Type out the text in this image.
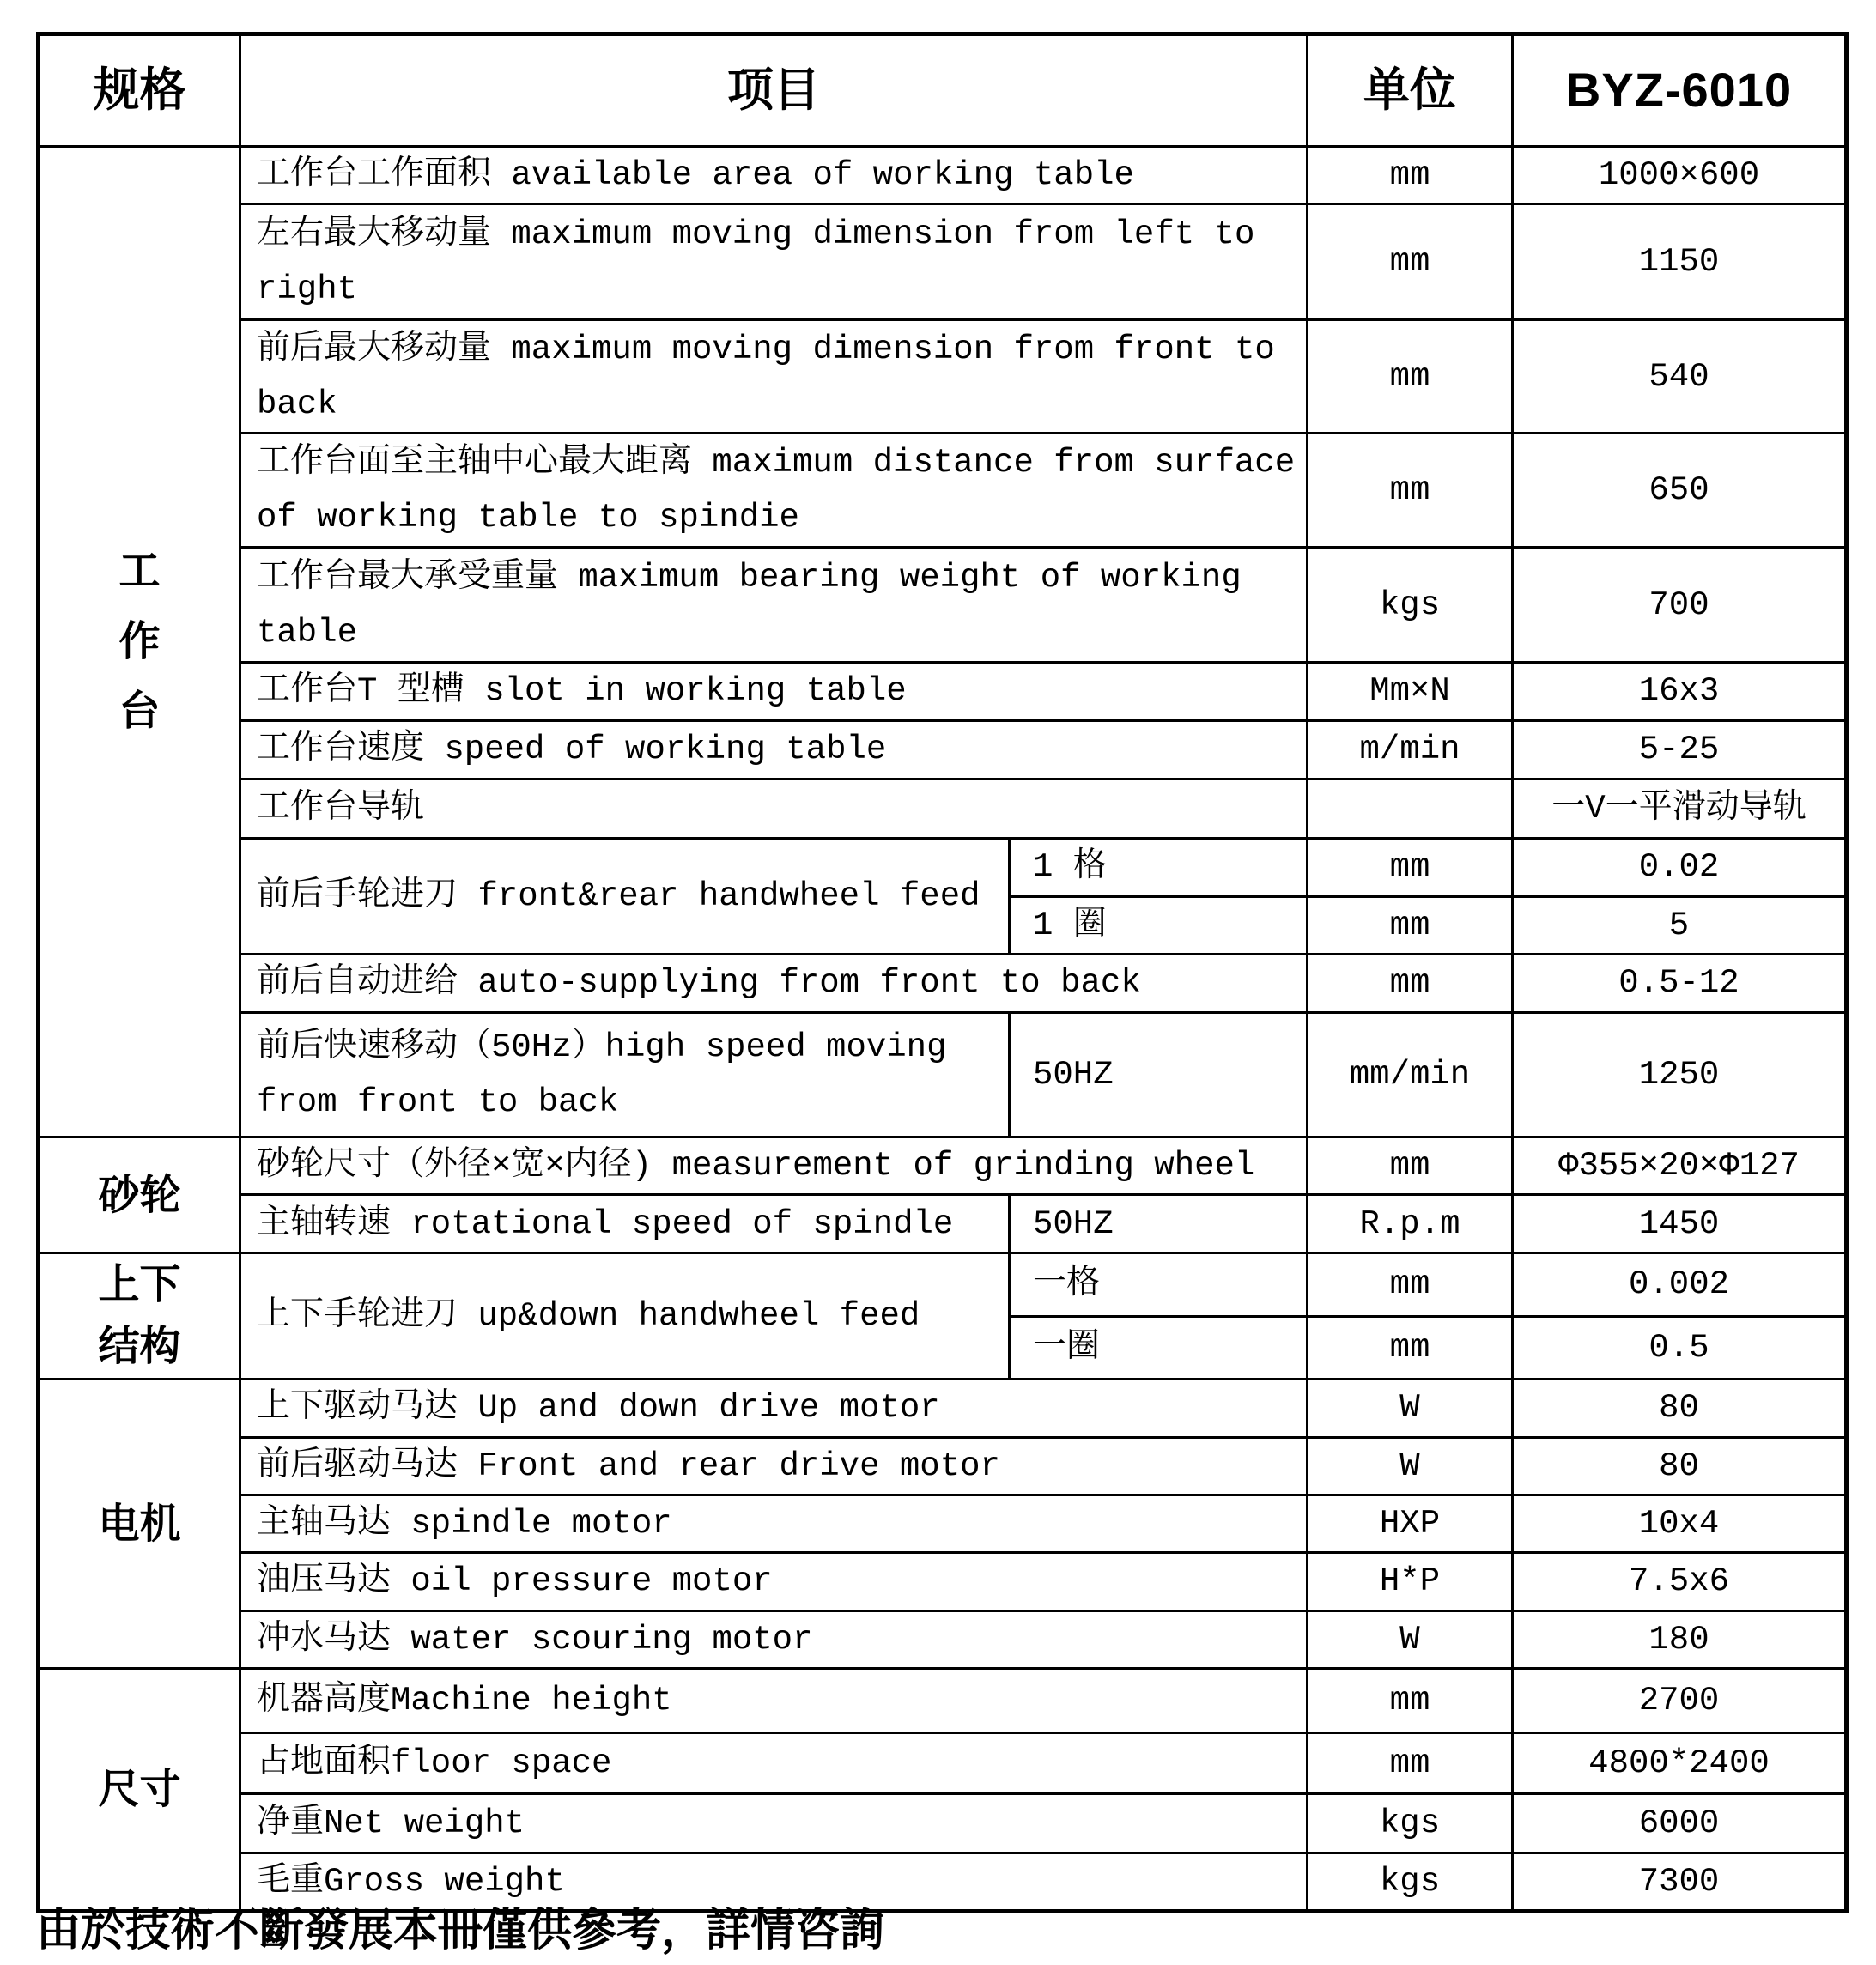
规格	项目		单位	BYZ-6010

工作台	工作台工作面积 available area of working table		mm	1000×600
	左右最大移动量 maximum moving dimension from left to right		mm	1150
	前后最大移动量 maximum moving dimension from front to back		mm	540
	工作台面至主轴中心最大距离 maximum distance from surface of working table to spindie		mm	650
	工作台最大承受重量 maximum bearing weight of working table		kgs	700
	工作台T 型槽 slot in working table		Mm×N	16x3
	工作台速度 speed of working table		m/min	5-25
	工作台导轨			一V一平滑动导轨
	前后手轮进刀 front&rear handwheel feed	1 格	mm	0.02
		1 圈	mm	5
	前后自动进给 auto-supplying from front to back		mm	0.5-12
	前后快速移动（50Hz）high speed moving from front to back	50HZ	mm/min	1250
砂轮	砂轮尺寸（外径×宽×内径) measurement of grinding wheel		mm	Φ355×20×Φ127
	主轴转速 rotational speed of spindle	50HZ	R.p.m	1450

上下结构	上下手轮进刀 up&down handwheel feed	一格	mm	0.002
		一圈	mm	0.5
电机	上下驱动马达 Up and down drive motor		W	80
	前后驱动马达 Front and rear drive motor		W	80
	主轴马达 spindle motor		HXP	10x4
	油压马达 oil pressure motor		H*P	7.5x6
	冲水马达 water scouring motor		W	180
尺寸	机器高度Machine height		mm	2700
	占地面积floor space		mm	4800*2400
	净重Net weight		kgs	6000
	毛重Gross weight		kgs	7300
由於技術不斷發展本冊僅供參考，詳情咨詢
